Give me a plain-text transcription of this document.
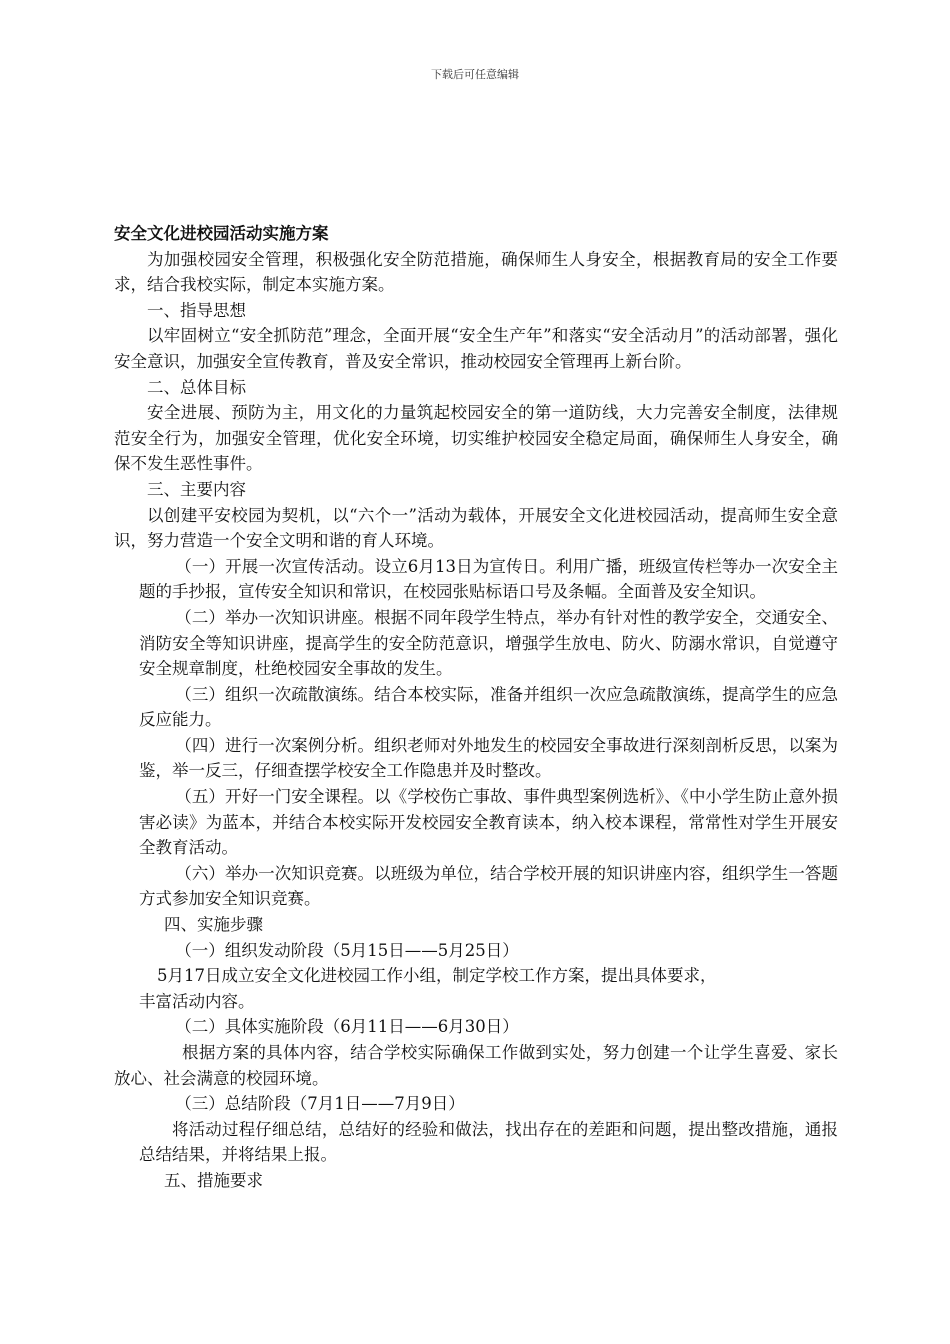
下载后可任意编辑

安全文化进校园活动实施方案

为加强校园安全管理，积极强化安全防范措施，确保师生人身安全，根据教育局的安全工作要求，结合我校实际，制定本实施方案。

一、指导思想

以牢固树立“安全抓防范”理念，全面开展“安全生产年”和落实“安全活动月”的活动部署，强化安全意识，加强安全宣传教育，普及安全常识，推动校园安全管理再上新台阶。

二、总体目标

安全进展、预防为主，用文化的力量筑起校园安全的第一道防线，大力完善安全制度，法律规范安全行为，加强安全管理，优化安全环境，切实维护校园安全稳定局面，确保师生人身安全，确保不发生恶性事件。

三、主要内容

以创建平安校园为契机，以“六个一”活动为载体，开展安全文化进校园活动，提高师生安全意识，努力营造一个安全文明和谐的育人环境。

（一）开展一次宣传活动。设立6月13日为宣传日。利用广播，班级宣传栏等办一次安全主题的手抄报，宣传安全知识和常识，在校园张贴标语口号及条幅。全面普及安全知识。

（二）举办一次知识讲座。根据不同年段学生特点，举办有针对性的教学安全，交通安全、消防安全等知识讲座，提高学生的安全防范意识，增强学生放电、防火、防溺水常识，自觉遵守安全规章制度，杜绝校园安全事故的发生。

（三）组织一次疏散演练。结合本校实际，准备并组织一次应急疏散演练，提高学生的应急反应能力。

（四）进行一次案例分析。组织老师对外地发生的校园安全事故进行深刻剖析反思，以案为鉴，举一反三，仔细查摆学校安全工作隐患并及时整改。

（五）开好一门安全课程。以《学校伤亡事故、事件典型案例选析》、《中小学生防止意外损害必读》为蓝本，并结合本校实际开发校园安全教育读本，纳入校本课程，常常性对学生开展安全教育活动。

（六）举办一次知识竞赛。以班级为单位，结合学校开展的知识讲座内容，组织学生一答题方式参加安全知识竞赛。

四、实施步骤

（一）组织发动阶段（5月15日——5月25日）

5月17日成立安全文化进校园工作小组，制定学校工作方案，提出具体要求，
丰富活动内容。

（二）具体实施阶段（6月11日——6月30日）

根据方案的具体内容，结合学校实际确保工作做到实处，努力创建一个让学生喜爱、家长放心、社会满意的校园环境。

（三）总结阶段（7月1日——7月9日）

将活动过程仔细总结，总结好的经验和做法，找出存在的差距和问题，提出整改措施，通报总结结果，并将结果上报。

五、措施要求
